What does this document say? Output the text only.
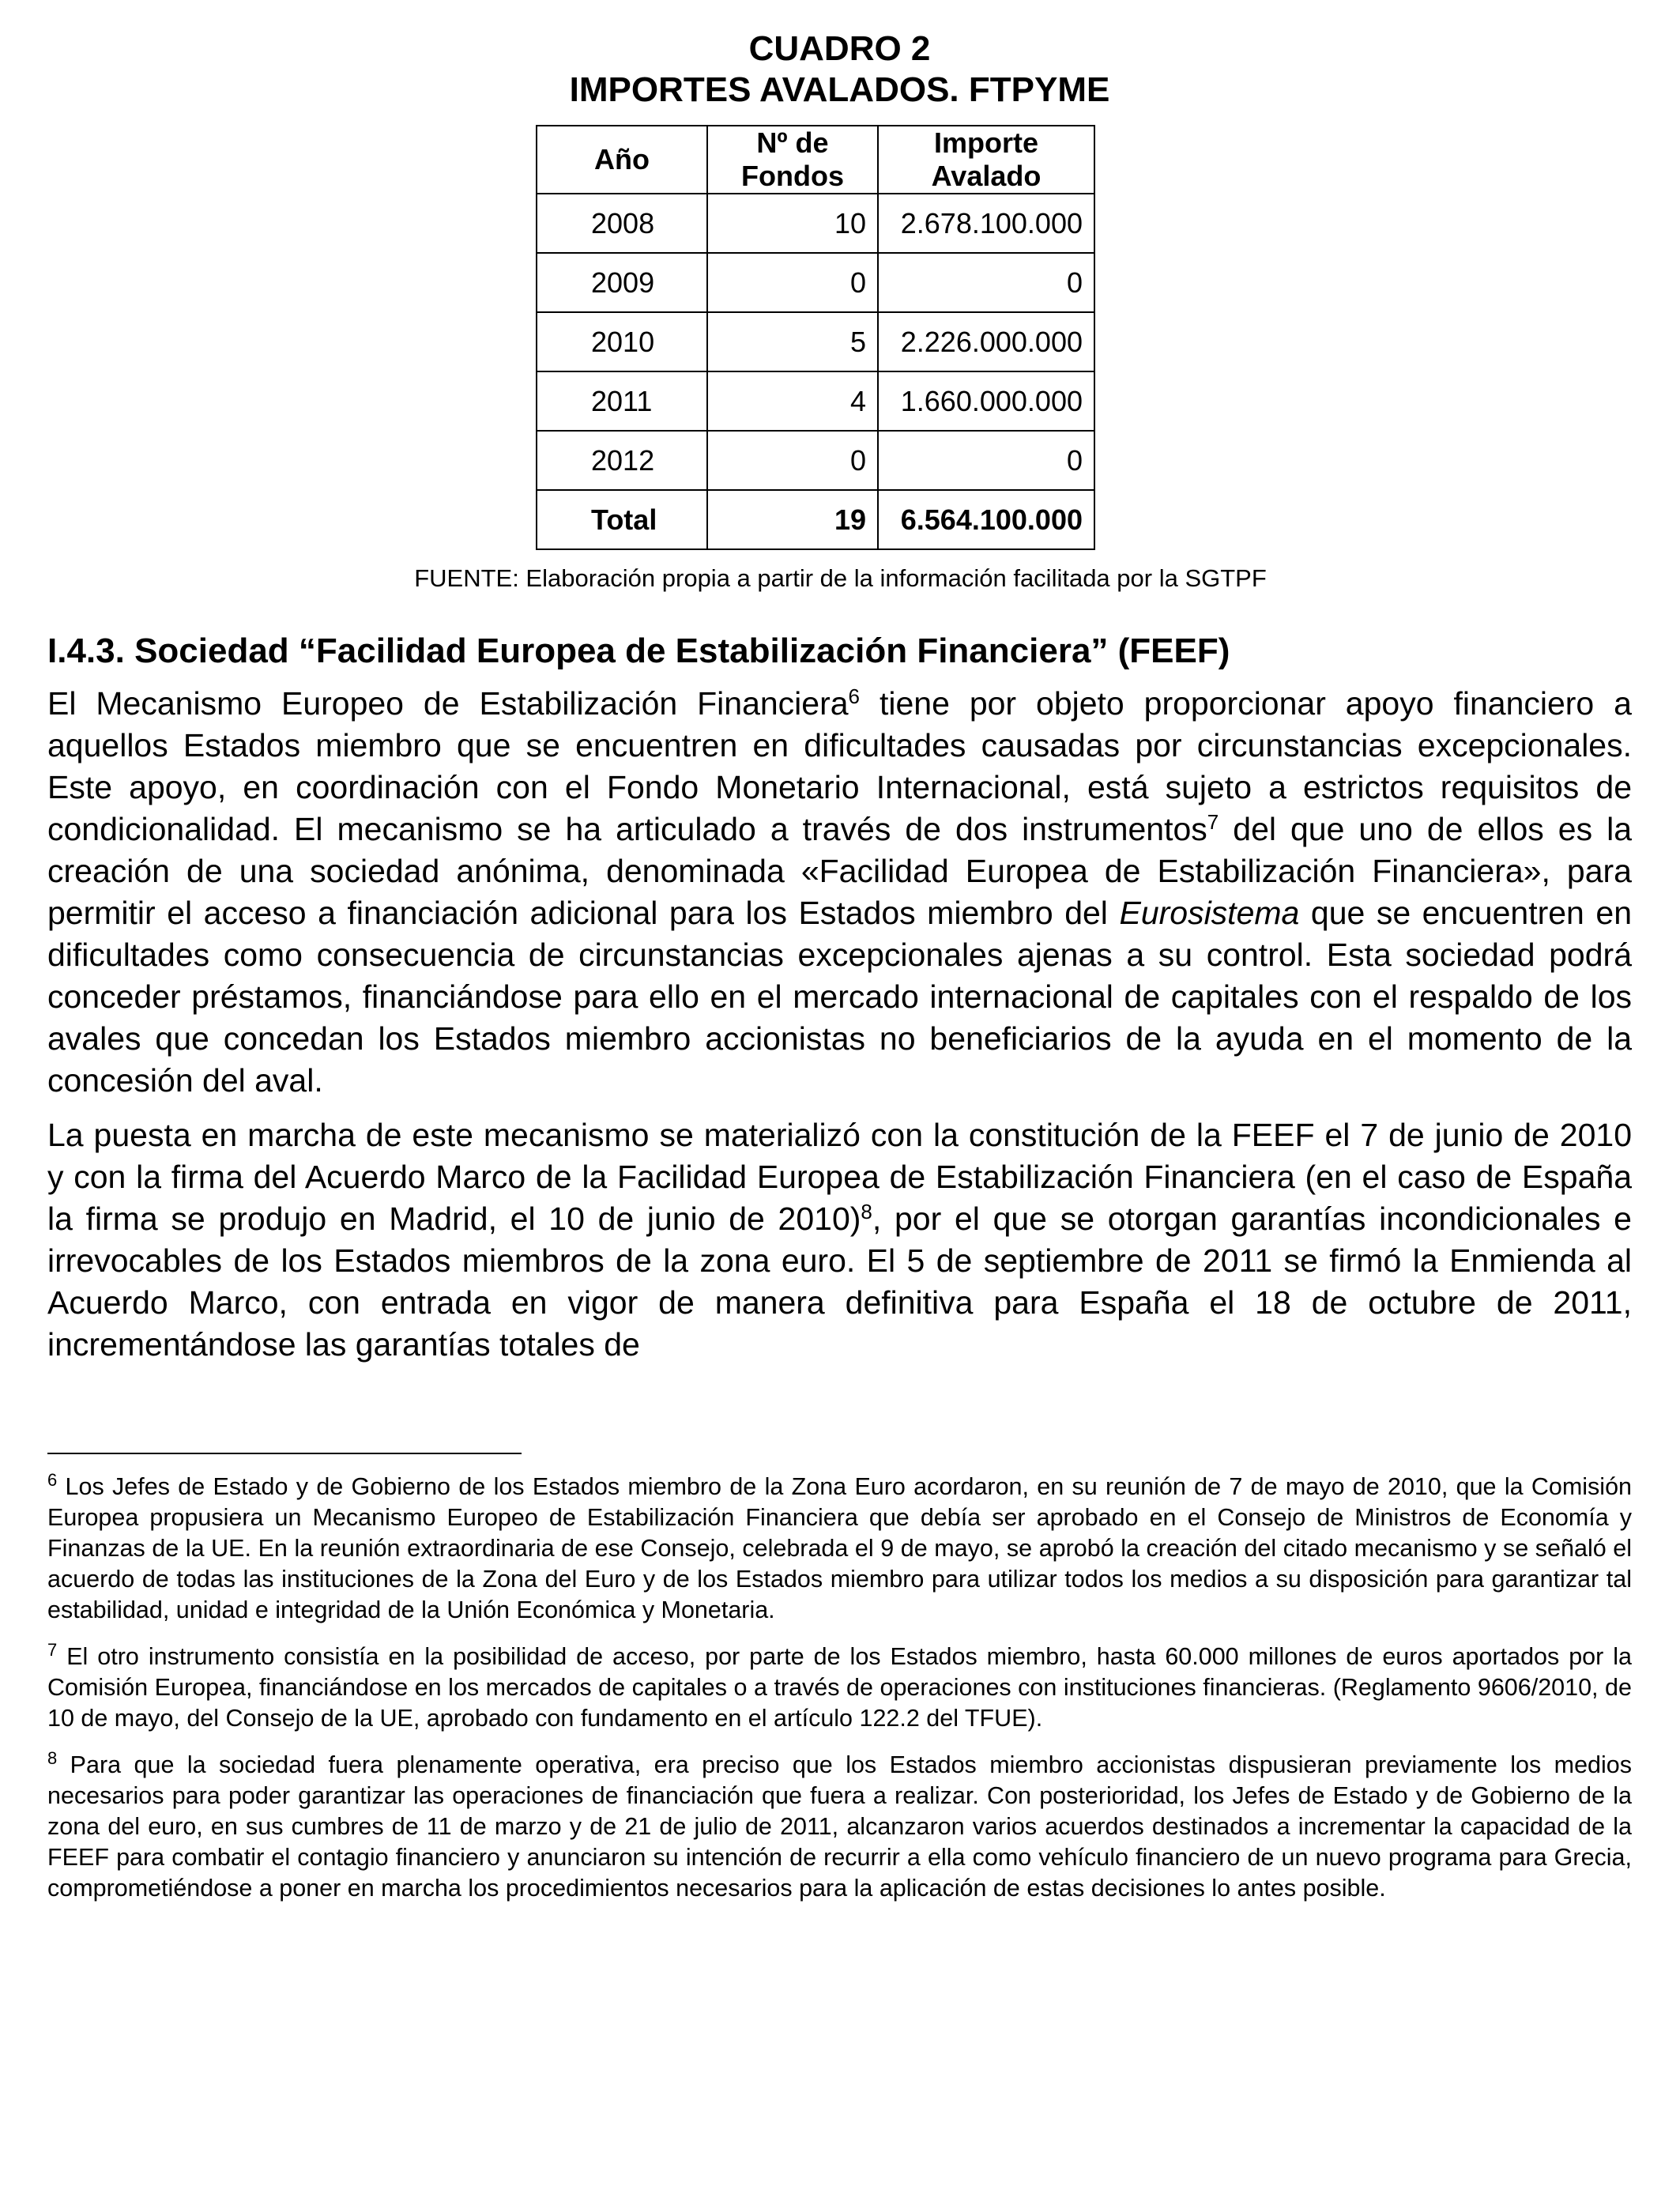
CUADRO 2
IMPORTES AVALADOS. FTPYME
Año	Nº de Fondos	Importe Avalado
2008	10	2.678.100.000
2009	0	0
2010	5	2.226.000.000
2011	4	1.660.000.000
2012	0	0
Total	19	6.564.100.000
FUENTE: Elaboración propia a partir de la información facilitada por la SGTPF
I.4.3. Sociedad “Facilidad Europea de Estabilización Financiera” (FEEF)

El Mecanismo Europeo de Estabilización Financiera$^6$ tiene por objeto proporcionar apoyo financiero a aquellos Estados miembro que se encuentren en dificultades causadas por circunstancias excepcionales. Este apoyo, en coordinación con el Fondo Monetario Internacional, está sujeto a estrictos requisitos de condicionalidad. El mecanismo se ha articulado a través de dos instrumentos$^7$ del que uno de ellos es la creación de una sociedad anónima, denominada «Facilidad Europea de Estabilización Financiera», para permitir el acceso a financiación adicional para los Estados miembro del Eurosistema que se encuentren en dificultades como consecuencia de circunstancias excepcionales ajenas a su control. Esta sociedad podrá conceder préstamos, financiándose para ello en el mercado internacional de capitales con el respaldo de los avales que concedan los Estados miembro accionistas no beneficiarios de la ayuda en el momento de la concesión del aval.

La puesta en marcha de este mecanismo se materializó con la constitución de la FEEF el 7 de junio de 2010 y con la firma del Acuerdo Marco de la Facilidad Europea de Estabilización Financiera (en el caso de España la firma se produjo en Madrid, el 10 de junio de 2010)$^8$, por el que se otorgan garantías incondicionales e irrevocables de los Estados miembros de la zona euro. El 5 de septiembre de 2011 se firmó la Enmienda al Acuerdo Marco, con entrada en vigor de manera definitiva para España el 18 de octubre de 2011, incrementándose las garantías totales de

$^6$ Los Jefes de Estado y de Gobierno de los Estados miembro de la Zona Euro acordaron, en su reunión de 7 de mayo de 2010, que la Comisión Europea propusiera un Mecanismo Europeo de Estabilización Financiera que debía ser aprobado en el Consejo de Ministros de Economía y Finanzas de la UE. En la reunión extraordinaria de ese Consejo, celebrada el 9 de mayo, se aprobó la creación del citado mecanismo y se señaló el acuerdo de todas las instituciones de la Zona del Euro y de los Estados miembro para utilizar todos los medios a su disposición para garantizar tal estabilidad, unidad e integridad de la Unión Económica y Monetaria.

$^7$ El otro instrumento consistía en la posibilidad de acceso, por parte de los Estados miembro, hasta 60.000 millones de euros aportados por la Comisión Europea, financiándose en los mercados de capitales o a través de operaciones con instituciones financieras. (Reglamento 9606/2010, de 10 de mayo, del Consejo de la UE, aprobado con fundamento en el artículo 122.2 del TFUE).

$^8$ Para que la sociedad fuera plenamente operativa, era preciso que los Estados miembro accionistas dispusieran previamente los medios necesarios para poder garantizar las operaciones de financiación que fuera a realizar. Con posterioridad, los Jefes de Estado y de Gobierno de la zona del euro, en sus cumbres de 11 de marzo y de 21 de julio de 2011, alcanzaron varios acuerdos destinados a incrementar la capacidad de la FEEF para combatir el contagio financiero y anunciaron su intención de recurrir a ella como vehículo financiero de un nuevo programa para Grecia, comprometiéndose a poner en marcha los procedimientos necesarios para la aplicación de estas decisiones lo antes posible.
